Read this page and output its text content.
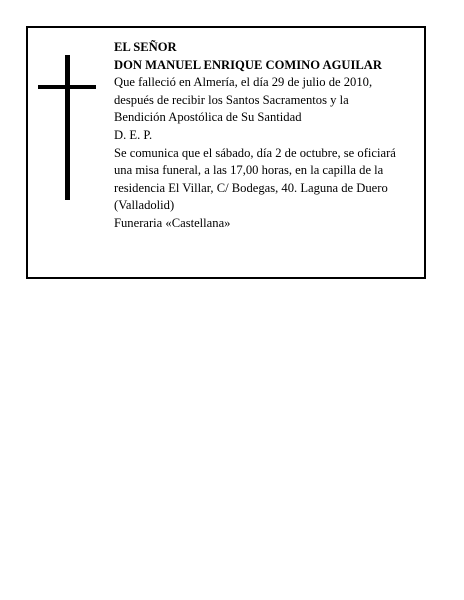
EL SEÑOR
DON MANUEL ENRIQUE COMINO AGUILAR
Que falleció en Almería, el día 29 de julio de 2010,
después de recibir los Santos Sacramentos y la
Bendición Apostólica de Su Santidad
D. E. P.
Se comunica que el sábado, día 2 de octubre, se oficiará
una misa funeral, a las 17,00 horas, en la capilla de la
residencia El Villar, C/ Bodegas, 40. Laguna de Duero
(Valladolid)
Funeraria «Castellana»
